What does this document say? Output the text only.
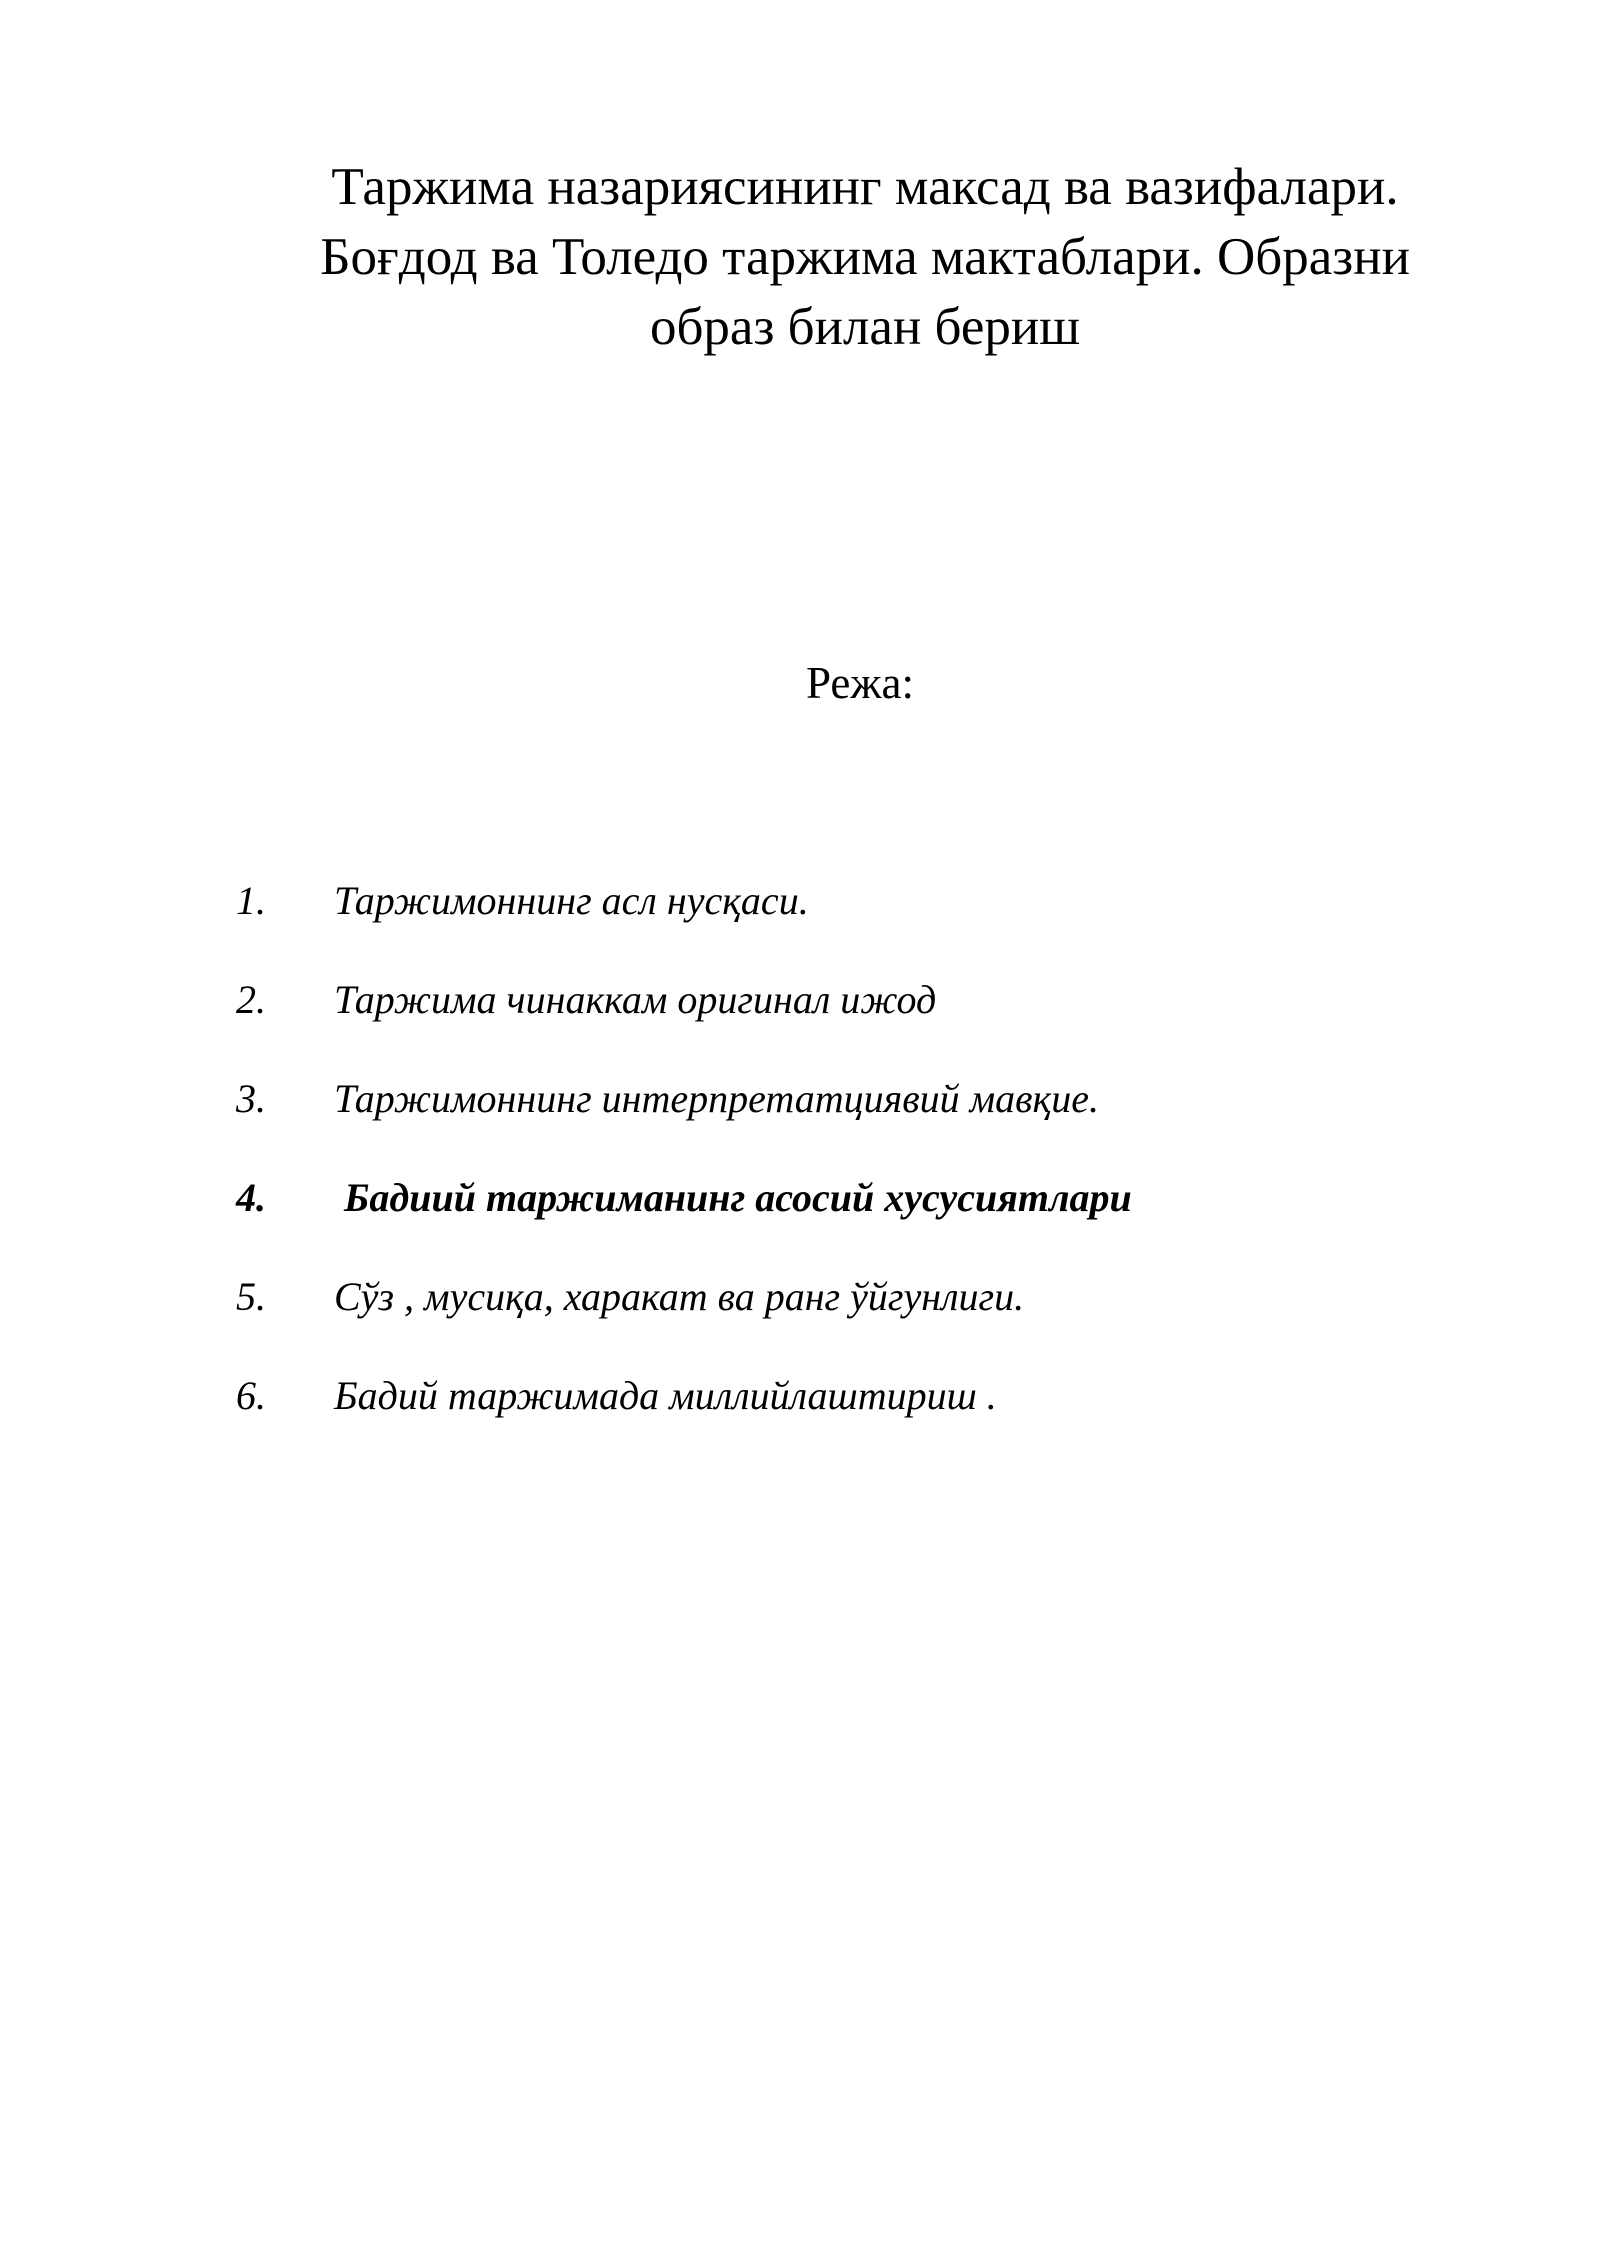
Таржима назариясининг максад ва вазифалари.
Боғдод ва Толедо таржима мактаблари. Образни
образ билан бериш
Режа:
1. Таржимоннинг асл нусқаси.
2. Таржима чинаккам оригинал ижод
3. Таржимоннинг интерпретатциявий мавқие.
4. Бадиий таржиманинг асосий хусусиятлари
5. Сўз , мусиқа, харакат ва ранг ўйгунлиги.
6. Бадий таржимада миллийлаштириш .
